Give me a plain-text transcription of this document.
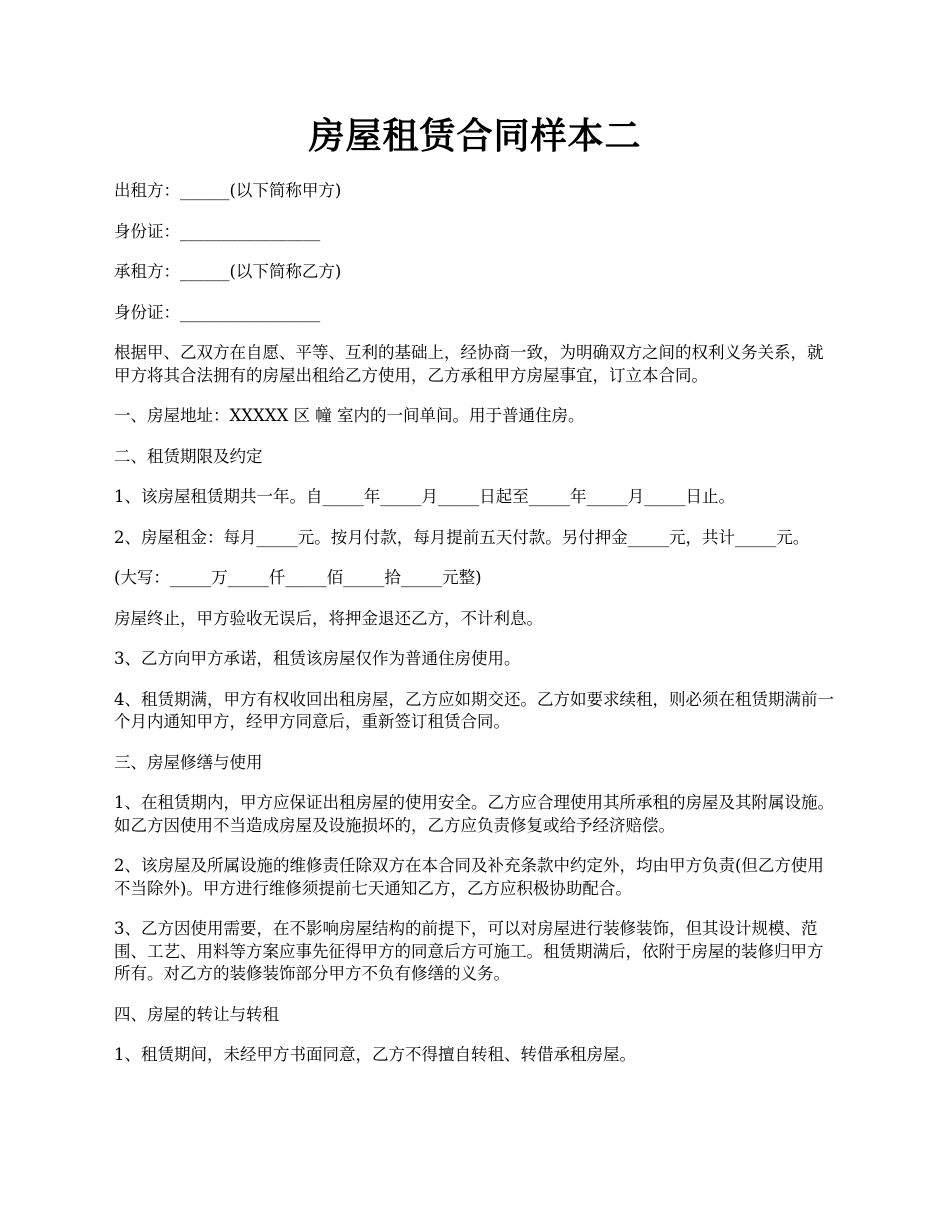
房屋租赁合同样本二

出租方：______(以下简称甲方)

身份证：_________________

承租方：______(以下简称乙方)

身份证：_________________

根据甲、乙双方在自愿、平等、互利的基础上，经协商一致，为明确双方之间的权利义务关系，就甲方将其合法拥有的房屋出租给乙方使用，乙方承租甲方房屋事宜，订立本合同。

一、房屋地址：XXXXX 区 幢 室内的一间单间。用于普通住房。

二、租赁期限及约定

1、该房屋租赁期共一年。自_____年_____月_____日起至_____年_____月_____日止。

2、房屋租金：每月_____元。按月付款，每月提前五天付款。另付押金_____元，共计_____元。

(大写：_____万_____仟_____佰_____拾_____元整)

房屋终止，甲方验收无误后，将押金退还乙方，不计利息。

3、乙方向甲方承诺，租赁该房屋仅作为普通住房使用。

4、租赁期满，甲方有权收回出租房屋，乙方应如期交还。乙方如要求续租，则必须在租赁期满前一个月内通知甲方，经甲方同意后，重新签订租赁合同。

三、房屋修缮与使用

1、在租赁期内，甲方应保证出租房屋的使用安全。乙方应合理使用其所承租的房屋及其附属设施。如乙方因使用不当造成房屋及设施损坏的，乙方应负责修复或给予经济赔偿。

2、该房屋及所属设施的维修责任除双方在本合同及补充条款中约定外，均由甲方负责(但乙方使用不当除外)。甲方进行维修须提前七天通知乙方，乙方应积极协助配合。

3、乙方因使用需要，在不影响房屋结构的前提下，可以对房屋进行装修装饰，但其设计规模、范围、工艺、用料等方案应事先征得甲方的同意后方可施工。租赁期满后，依附于房屋的装修归甲方所有。对乙方的装修装饰部分甲方不负有修缮的义务。

四、房屋的转让与转租

1、租赁期间，未经甲方书面同意，乙方不得擅自转租、转借承租房屋。
